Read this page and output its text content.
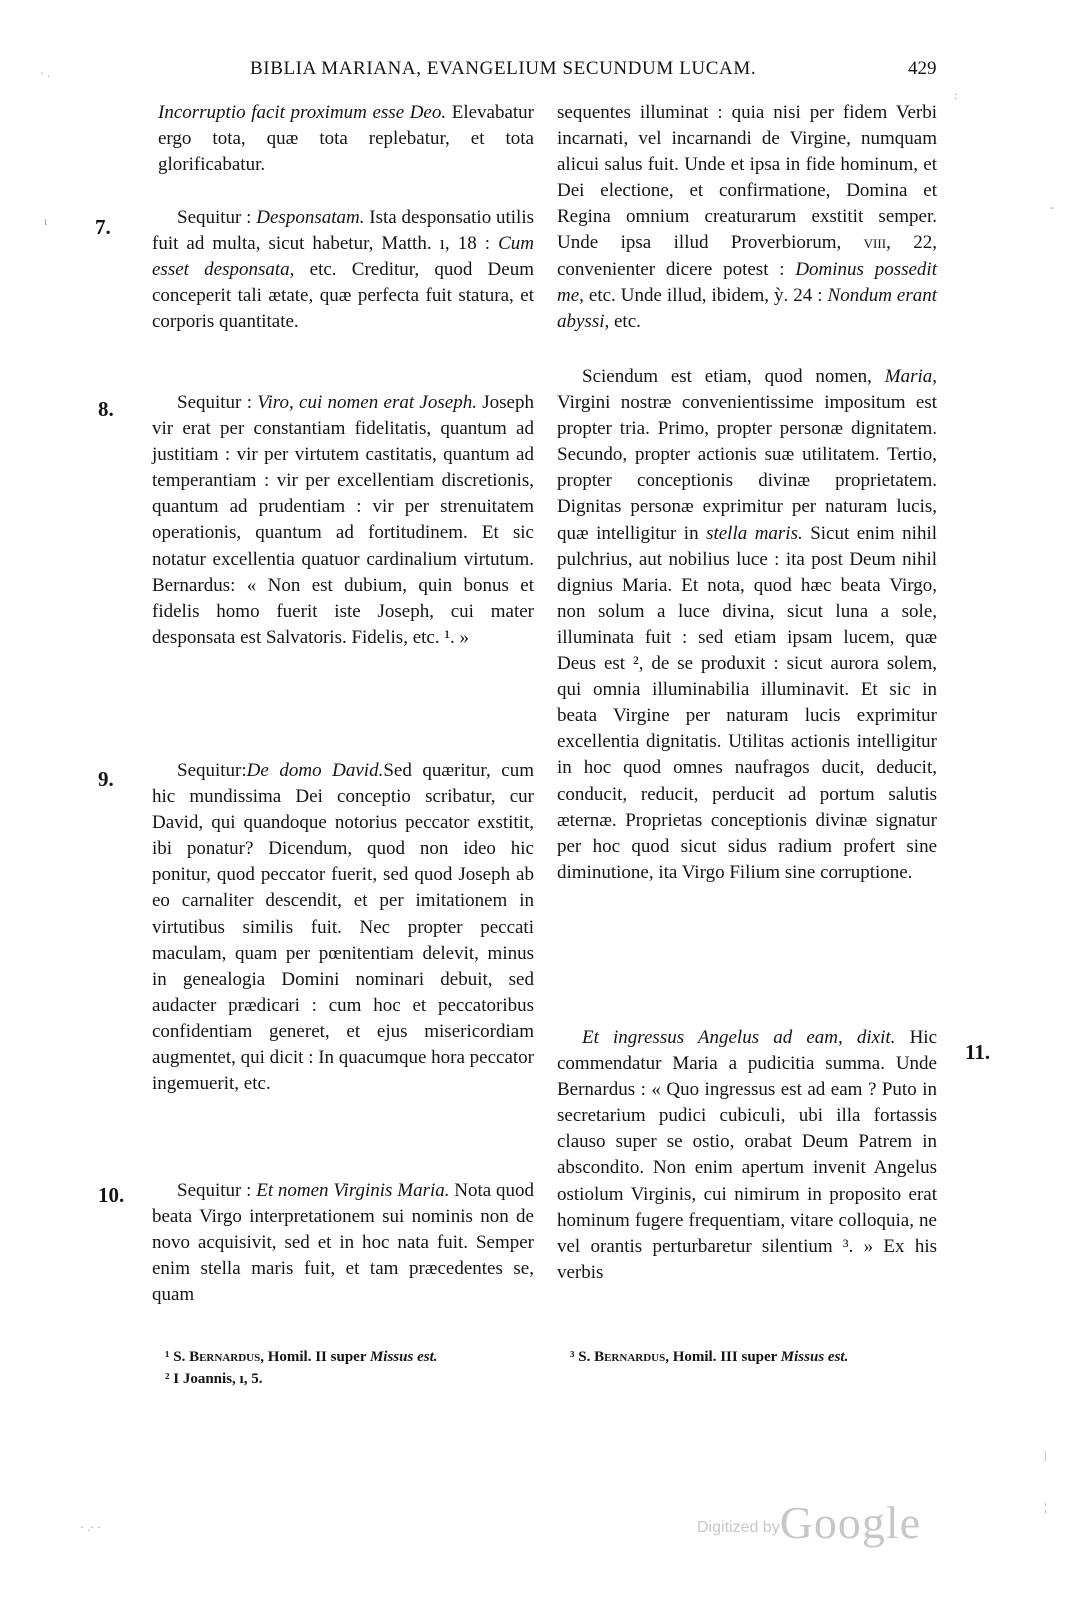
BIBLIA MARIANA, EVANGELIUM SECUNDUM LUCAM.	429
7.
8.
9.
10.
11.

Incorruptio facit proximum esse Deo. Elevabatur ergo tota, quæ tota replebatur, et tota glorificabatur.

Sequitur : Desponsatam. Ista desponsatio utilis fuit ad multa, sicut habetur, Matth. ı, 18 : Cum esset desponsata, etc. Creditur, quod Deum conceperit tali ætate, quæ perfecta fuit statura, et corporis quantitate.

Sequitur : Viro, cui nomen erat Joseph. Joseph vir erat per constantiam fidelitatis, quantum ad justitiam : vir per virtutem castitatis, quantum ad temperantiam : vir per excellentiam discretionis, quantum ad prudentiam : vir per strenuitatem operationis, quantum ad fortitudinem. Et sic notatur excellentia quatuor cardinalium virtutum. Bernardus: « Non est dubium, quin bonus et fidelis homo fuerit iste Joseph, cui mater desponsata est Salvatoris. Fidelis, etc. ¹. »

Sequitur:De domo David.Sed quæritur, cum hic mundissima Dei conceptio scribatur, cur David, qui quandoque notorius peccator exstitit, ibi ponatur? Dicendum, quod non ideo hic ponitur, quod peccator fuerit, sed quod Joseph ab eo carnaliter descendit, et per imitationem in virtutibus similis fuit. Nec propter peccati maculam, quam per pœnitentiam delevit, minus in genealogia Domini nominari debuit, sed audacter prædicari : cum hoc et peccatoribus confidentiam generet, et ejus misericordiam augmentet, qui dicit : In quacumque hora peccator ingemuerit, etc.

Sequitur : Et nomen Virginis Maria. Nota quod beata Virgo interpretationem sui nominis non de novo acquisivit, sed et in hoc nata fuit. Semper enim stella maris fuit, et tam præcedentes se, quam

sequentes illuminat : quia nisi per fidem Verbi incarnati, vel incarnandi de Virgine, numquam alicui salus fuit. Unde et ipsa in fide hominum, et Dei electione, et confirmatione, Domina et Regina omnium creaturarum exstitit semper. Unde ipsa illud Proverbiorum, viii, 22, convenienter dicere potest : Dominus possedit me, etc. Unde illud, ibidem, ỳ. 24 : Nondum erant abyssi, etc.

Sciendum est etiam, quod nomen, Maria, Virgini nostræ convenientissime impositum est propter tria. Primo, propter personæ dignitatem. Secundo, propter actionis suæ utilitatem. Tertio, propter conceptionis divinæ proprietatem. Dignitas personæ exprimitur per naturam lucis, quæ intelligitur in stella maris. Sicut enim nihil pulchrius, aut nobilius luce : ita post Deum nihil dignius Maria. Et nota, quod hæc beata Virgo, non solum a luce divina, sicut luna a sole, illuminata fuit : sed etiam ipsam lucem, quæ Deus est ², de se produxit : sicut aurora solem, qui omnia illuminabilia illuminavit. Et sic in beata Virgine per naturam lucis exprimitur excellentia dignitatis. Utilitas actionis intelligitur in hoc quod omnes naufragos ducit, deducit, conducit, reducit, perducit ad portum salutis æternæ. Proprietas conceptionis divinæ signatur per hoc quod sicut sidus radium profert sine diminutione, ita Virgo Filium sine corruptione.

Et ingressus Angelus ad eam, dixit. Hic commendatur Maria a pudicitia summa. Unde Bernardus : « Quo ingressus est ad eam ? Puto in secretarium pudici cubiculi, ubi illa fortassis clauso super se ostio, orabat Deum Patrem in abscondito. Non enim apertum invenit Angelus ostiolum Virginis, cui nimirum in proposito erat hominum fugere frequentiam, vitare colloquia, ne vel orantis perturbaretur silentium ³. » Ex his verbis

¹ S. Bernardus, Homil. II super Missus est.
² I Joannis, ı, 5.
³ S. Bernardus, Homil. III super Missus est.
Digitized byGoogle
· .
:
ι
-
|
¦
· .· ·
